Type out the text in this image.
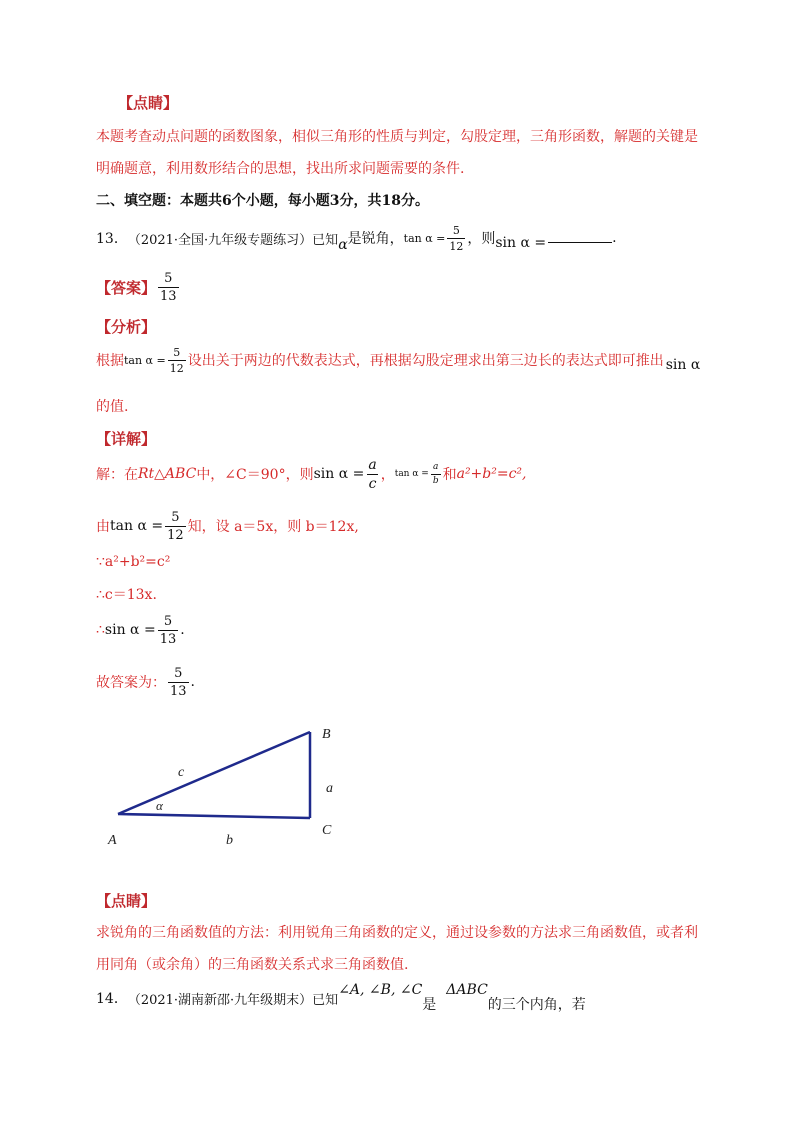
【点睛】
本题考查动点问题的函数图象，相似三角形的性质与判定，勾股定理，三角形函数，解题的关键是
明确题意，利用数形结合的思想，找出所求问题需要的条件.
二、填空题：本题共6个小题，每小题3分，共18分。
13． （2021·全国·九年级专题练习）已知 α 是锐角， $\tan \alpha = \frac{5}{12}$ ，则 sin α =	.
【答案】 $\frac{5}{13}$
【分析】
根据 $\tan \alpha = \frac{5}{12}$ 设出关于两边的代数表达式，再根据勾股定理求出第三边长的表达式即可推出 sin α
的值.
【详解】
解：在 Rt△ABC 中，∠C＝90°，则 $\sin \alpha = \frac{a}{c}$ ， $\tan \alpha = \frac{a}{b}$ 和 a²+b²=c²,
由 $\tan \alpha = \frac{5}{12}$ 知，设 a＝5x，则 b＝12x,
∵a²+b²=c²
∴c＝13x.
∴ $\sin \alpha = \frac{5}{13}$ .
故答案为： $\frac{5}{13}$ .
A
B
C
a
b
c
α
【点睛】
求锐角的三角函数值的方法：利用锐角三角函数的定义，通过设参数的方法求三角函数值，或者利
用同角（或余角）的三角函数关系式求三角函数值.
14． （2021·湖南新邵·九年级期末）已知
∠A, ∠B, ∠C
是
ΔABC
的三个内角，若
